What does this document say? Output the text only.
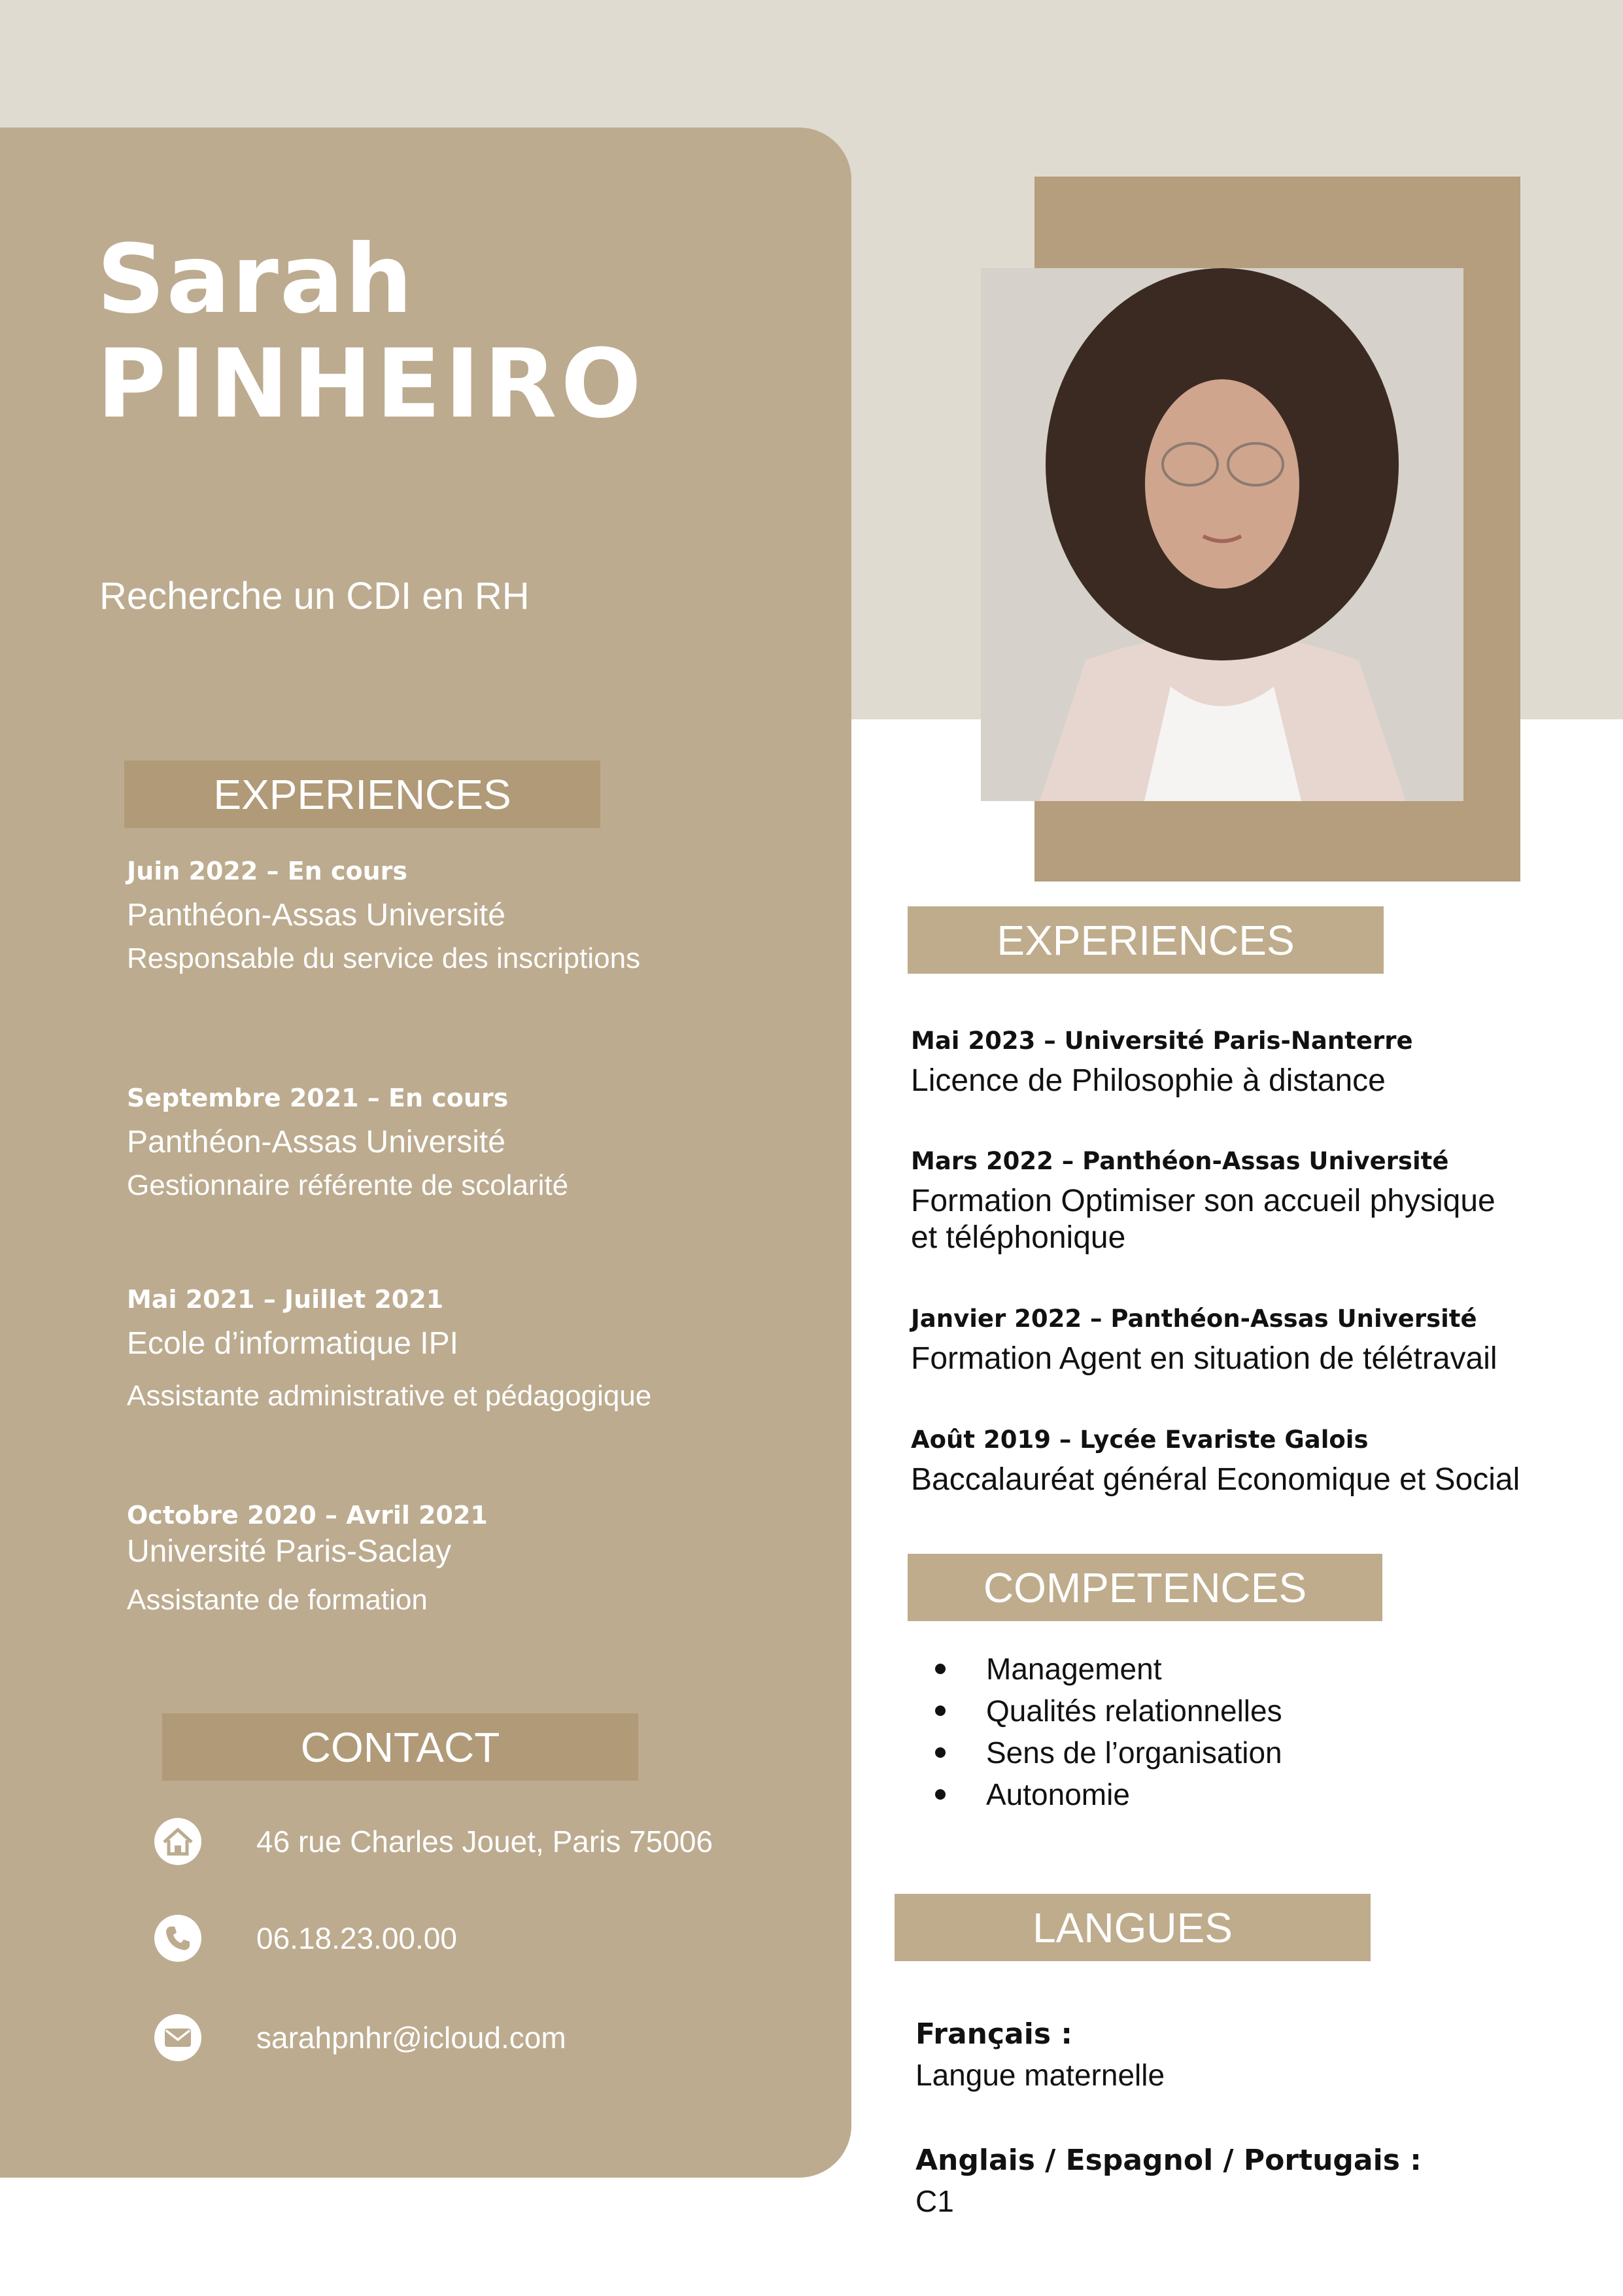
Sarah
PINHEIRO
Recherche un CDI en RH
EXPERIENCES
Juin 2022 – En cours
Panthéon-Assas Université
Responsable du service des inscriptions
Septembre 2021 – En cours
Panthéon-Assas Université
Gestionnaire référente de scolarité
Mai 2021 – Juillet 2021
Ecole d’informatique IPI
Assistante administrative et pédagogique
Octobre 2020 – Avril 2021
Université Paris-Saclay
Assistante de formation
CONTACT
46 rue Charles Jouet, Paris 75006
06.18.23.00.00
sarahpnhr@icloud.com
EXPERIENCES
Mai 2023 – Université Paris-Nanterre
Licence de Philosophie à distance
Mars 2022 – Panthéon-Assas Université
Formation Optimiser son accueil physique et téléphonique
Janvier 2022 – Panthéon-Assas Université
Formation Agent en situation de télétravail
Août 2019 – Lycée Evariste Galois
Baccalauréat général Economique et Social
COMPETENCES
Management
Qualités relationnelles
Sens de l’organisation
Autonomie
LANGUES
Français :
Langue maternelle
Anglais / Espagnol / Portugais :
C1
